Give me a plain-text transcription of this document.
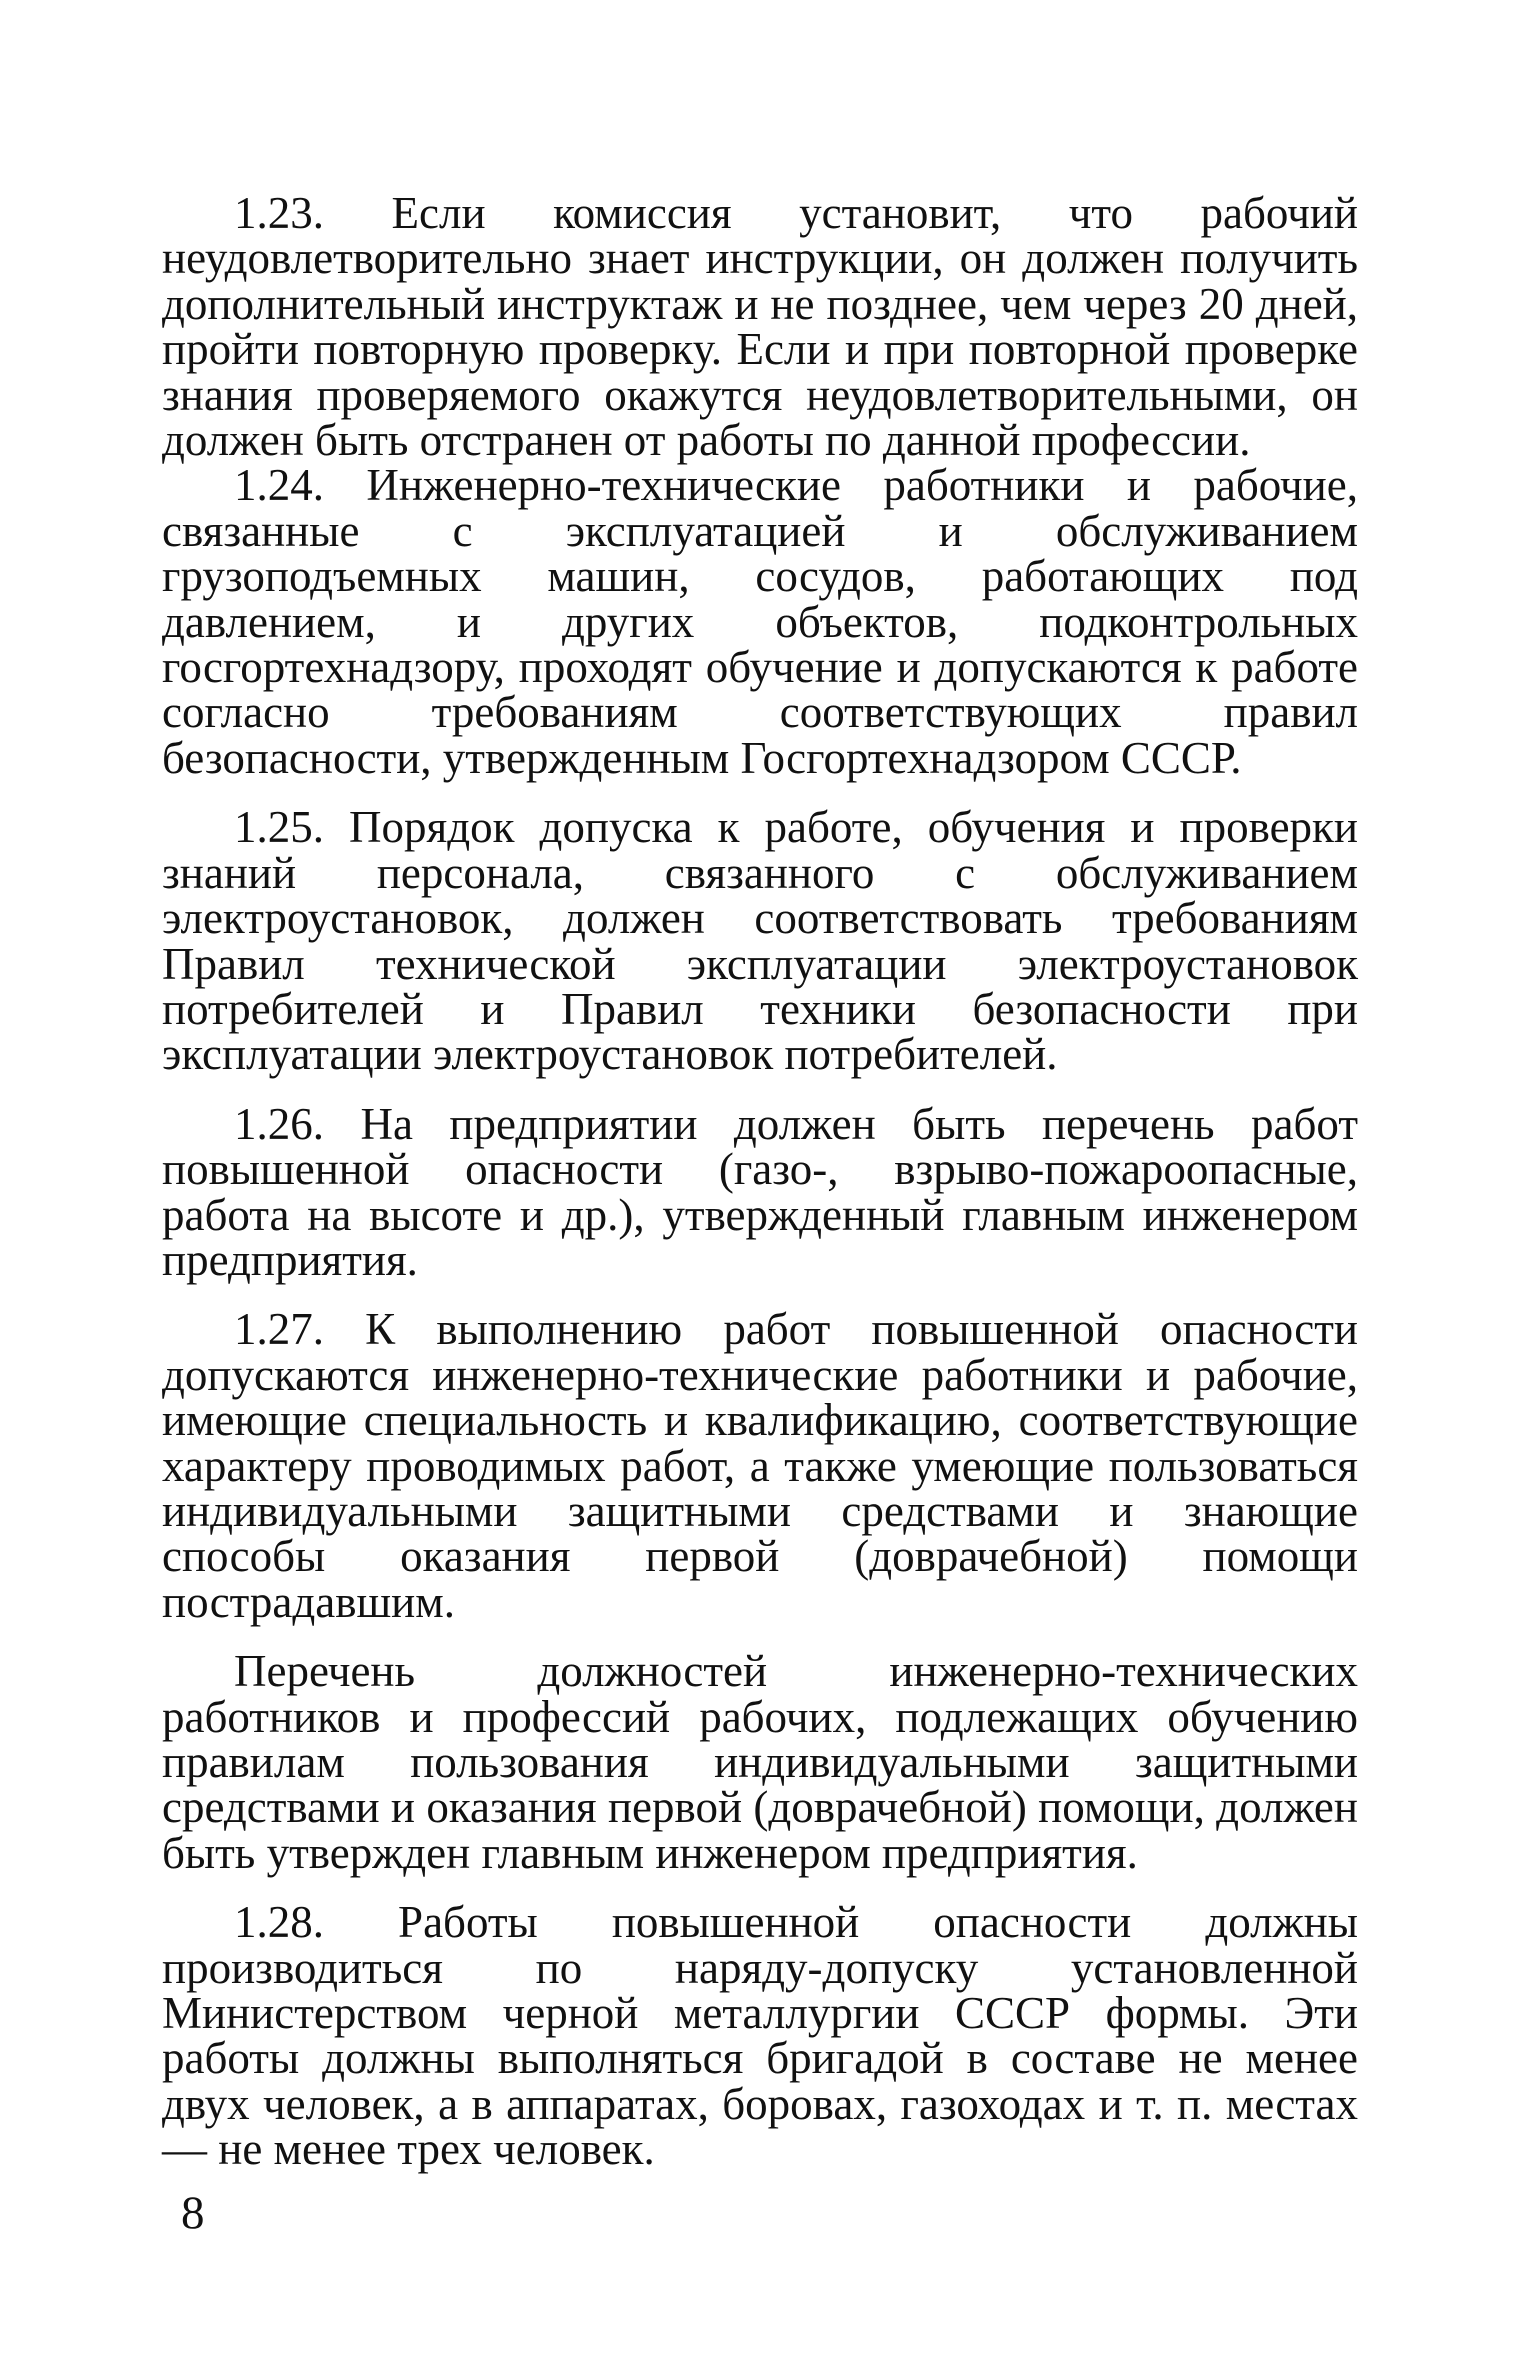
1.23. Если комиссия установит, что рабочий неудовлетворительно знает инструкции, он должен получить дополнительный инструктаж и не позднее, чем через 20 дней, пройти повторную проверку. Если и при повторной проверке знания проверяемого окажутся неудовлетворительными, он должен быть отстранен от работы по данной профессии.

1.24. Инженерно-технические работники и рабочие, связанные с эксплуатацией и обслуживанием грузоподъемных машин, сосудов, работающих под давлением, и других объектов, подконтрольных госгортехнадзору, проходят обучение и допускаются к работе согласно требованиям соответствующих правил безопасности, утвержденным Госгортехнадзором СССР.

1.25. Порядок допуска к работе, обучения и проверки знаний персонала, связанного с обслуживанием электроустановок, должен соответствовать требованиям Правил технической эксплуатации электроустановок потребителей и Правил техники безопасности при эксплуатации электроустановок потребителей.

1.26. На предприятии должен быть перечень работ повышенной опасности (газо-, взрыво-пожароопасные, работа на высоте и др.), утвержденный главным инженером предприятия.

1.27. К выполнению работ повышенной опасности допускаются инженерно-технические работники и рабочие, имеющие специальность и квалификацию, соответствующие характеру проводимых работ, а также умеющие пользоваться индивидуальными защитными средствами и знающие способы оказания первой (доврачебной) помощи пострадавшим.

Перечень должностей инженерно-технических работников и профессий рабочих, подлежащих обучению правилам пользования индивидуальными защитными средствами и оказания первой (доврачебной) помощи, должен быть утвержден главным инженером предприятия.

1.28. Работы повышенной опасности должны производиться по наряду-допуску установленной Министерством черной металлургии СССР формы. Эти работы должны выполняться бригадой в составе не менее двух человек, а в аппаратах, боровах, газоходах и т. п. местах — не менее трех человек.

8
